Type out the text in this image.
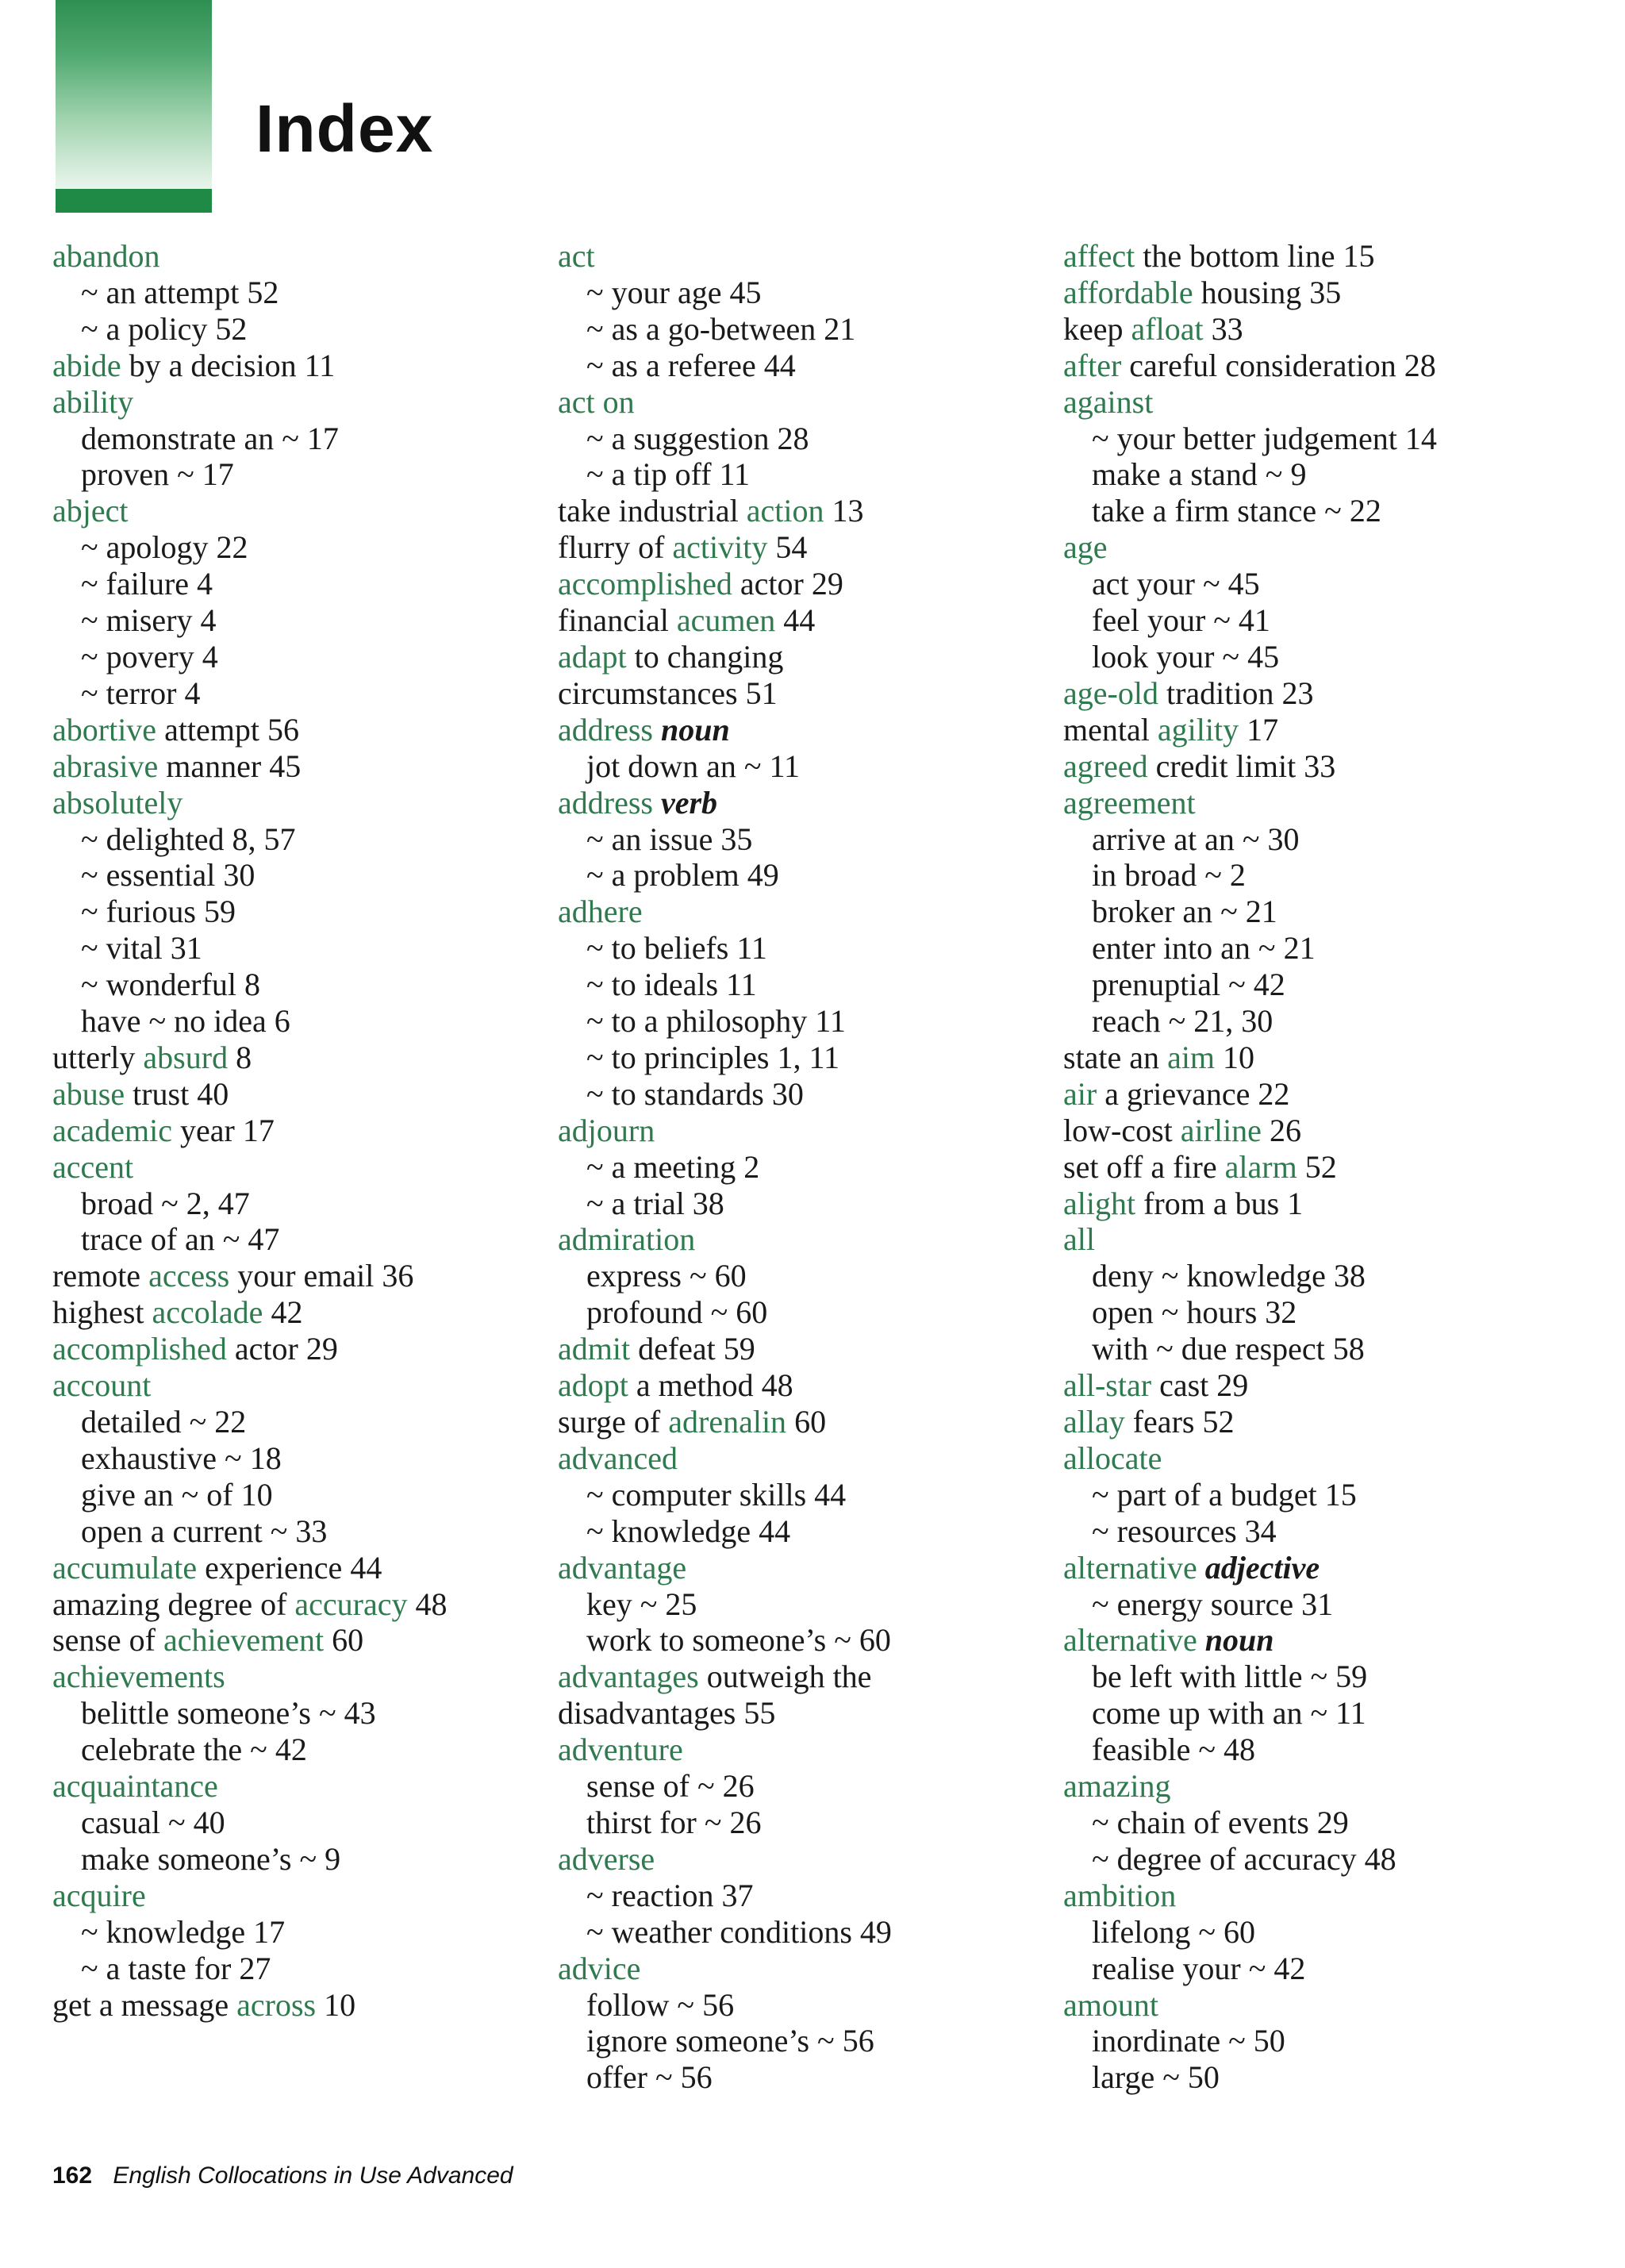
Index
abandon
~ an attempt 52
~ a policy 52
abide by a decision 11
ability
demonstrate an ~ 17
proven ~ 17
abject
~ apology 22
~ failure 4
~ misery 4
~ povery 4
~ terror 4
abortive attempt 56
abrasive manner 45
absolutely
~ delighted 8, 57
~ essential 30
~ furious 59
~ vital 31
~ wonderful 8
have ~ no idea 6
utterly absurd 8
abuse trust 40
academic year 17
accent
broad ~ 2, 47
trace of an ~ 47
remote access your email 36
highest accolade 42
accomplished actor 29
account
detailed ~ 22
exhaustive ~ 18
give an ~ of 10
open a current ~ 33
accumulate experience 44
amazing degree of accuracy 48
sense of achievement 60
achievements
belittle someone’s ~ 43
celebrate the ~ 42
acquaintance
casual ~ 40
make someone’s ~ 9
acquire
~ knowledge 17
~ a taste for 27
get a message across 10
act
~ your age 45
~ as a go-between 21
~ as a referee 44
act on
~ a suggestion 28
~ a tip off 11
take industrial action 13
flurry of activity 54
accomplished actor 29
financial acumen 44
adapt to changing
circumstances 51
address noun
jot down an ~ 11
address verb
~ an issue 35
~ a problem 49
adhere
~ to beliefs 11
~ to ideals 11
~ to a philosophy 11
~ to principles 1, 11
~ to standards 30
adjourn
~ a meeting 2
~ a trial 38
admiration
express ~ 60
profound ~ 60
admit defeat 59
adopt a method 48
surge of adrenalin 60
advanced
~ computer skills 44
~ knowledge 44
advantage
key ~ 25
work to someone’s ~ 60
advantages outweigh the
disadvantages 55
adventure
sense of ~ 26
thirst for ~ 26
adverse
~ reaction 37
~ weather conditions 49
advice
follow ~ 56
ignore someone’s ~ 56
offer ~ 56
affect the bottom line 15
affordable housing 35
keep afloat 33
after careful consideration 28
against
~ your better judgement 14
make a stand ~ 9
take a firm stance ~ 22
age
act your ~ 45
feel your ~ 41
look your ~ 45
age-old tradition 23
mental agility 17
agreed credit limit 33
agreement
arrive at an ~ 30
in broad ~ 2
broker an ~ 21
enter into an ~ 21
prenuptial ~ 42
reach ~ 21, 30
state an aim 10
air a grievance 22
low-cost airline 26
set off a fire alarm 52
alight from a bus 1
all
deny ~ knowledge 38
open ~ hours 32
with ~ due respect 58
all-star cast 29
allay fears 52
allocate
~ part of a budget 15
~ resources 34
alternative adjective
~ energy source 31
alternative noun
be left with little ~ 59
come up with an ~ 11
feasible ~ 48
amazing
~ chain of events 29
~ degree of accuracy 48
ambition
lifelong ~ 60
realise your ~ 42
amount
inordinate ~ 50
large ~ 50
162 English Collocations in Use Advanced
